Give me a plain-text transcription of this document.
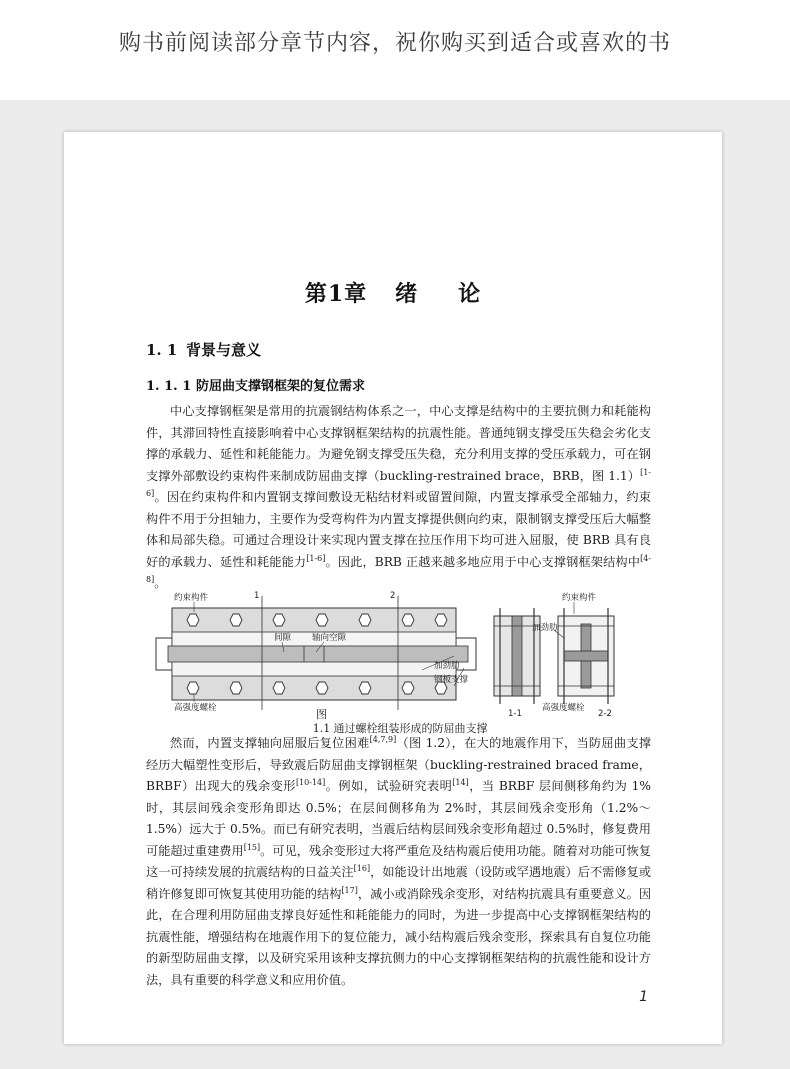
购书前阅读部分章节内容，祝你购买到适合或喜欢的书
第1章 绪 论
1. 1 背景与意义
1. 1. 1 防屈曲支撑钢框架的复位需求

中心支撑钢框架是常用的抗震钢结构体系之一，中心支撑是结构中的主要抗侧力和耗能构件，其滞回特性直接影响着中心支撑钢框架结构的抗震性能。普通纯钢支撑受压失稳会劣化支撑的承载力、延性和耗能能力。为避免钢支撑受压失稳，充分利用支撑的受压承载力，可在钢支撑外部敷设约束构件来制成防屈曲支撑（buckling-restrained brace，BRB，图 1.1）[1-6]。因在约束构件和内置钢支撑间敷设无粘结材料或留置间隙，内置支撑承受全部轴力，约束构件不用于分担轴力，主要作为受弯构件为内置支撑提供侧向约束，限制钢支撑受压后大幅整体和局部失稳。可通过合理设计来实现内置支撑在拉压作用下均可进入屈服，使 BRB 具有良好的承载力、延性和耗能能力[1-6]。因此，BRB 正越来越多地应用于中心支撑钢框架结构中[4-8]。

约束构件	1	2
间隙 轴向空隙
加劲肋
钢板支撑
高强度螺栓
约束构件
加劲肋
高强度螺栓
1-1	2-2
图 1.1 通过螺栓组装形成的防屈曲支撑

然而，内置支撑轴向屈服后复位困难[4,7,9]（图 1.2），在大的地震作用下，当防屈曲支撑经历大幅塑性变形后，导致震后防屈曲支撑钢框架（buckling-restrained braced frame，BRBF）出现大的残余变形[10-14]。例如，试验研究表明[14]，当 BRBF 层间侧移角约为 1%时，其层间残余变形角即达 0.5%；在层间侧移角为 2%时，其层间残余变形角（1.2%～1.5%）远大于 0.5%。而已有研究表明，当震后结构层间残余变形角超过 0.5%时，修复费用可能超过重建费用[15]。可见，残余变形过大将严重危及结构震后使用功能。随着对功能可恢复这一可持续发展的抗震结构的日益关注[16]，如能设计出地震（设防或罕遇地震）后不需修复或稍许修复即可恢复其使用功能的结构[17]，减小或消除残余变形，对结构抗震具有重要意义。因此，在合理利用防屈曲支撑良好延性和耗能能力的同时，为进一步提高中心支撑钢框架结构的抗震性能，增强结构在地震作用下的复位能力，减小结构震后残余变形，探索具有自复位功能的新型防屈曲支撑，以及研究采用该种支撑抗侧力的中心支撑钢框架结构的抗震性能和设计方法，具有重要的科学意义和应用价值。

1
